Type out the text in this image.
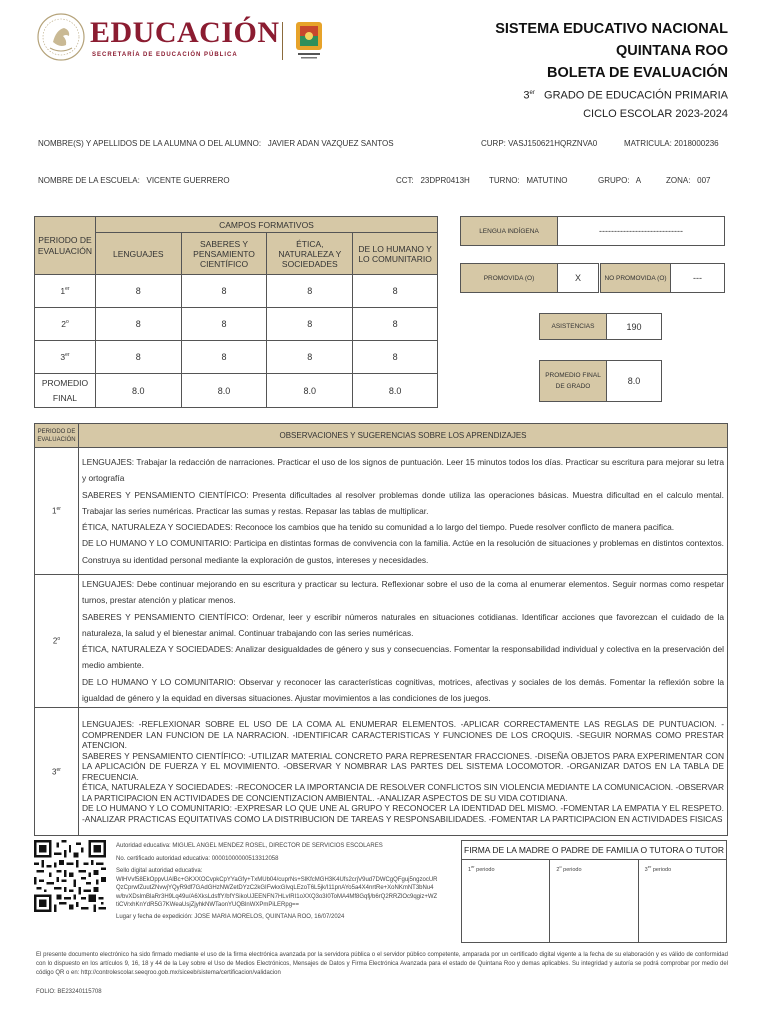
EDUCACIÓN
SECRETARÍA DE EDUCACIÓN PÚBLICA
SISTEMA EDUCATIVO NACIONAL
QUINTANA ROO
BOLETA DE EVALUACIÓN
3er GRADO DE EDUCACIÓN PRIMARIA
CICLO ESCOLAR 2023-2024
NOMBRE(S) Y APELLIDOS DE LA ALUMNA O DEL ALUMNO: JAVIER ADAN VAZQUEZ SANTOS	CURP: VASJ150621HQRZNVA0	MATRICULA: 2018000236
NOMBRE DE LA ESCUELA: VICENTE GUERRERO	CCT: 23DPR0413H TURNO: MATUTINO	GRUPO: A	ZONA: 007
PERIODO DE EVALUACIÓN	CAMPOS FORMATIVOS			
	LENGUAJES	SABERES Y PENSAMIENTO CIENTÍFICO	ÉTICA, NATURALEZA Y SOCIEDADES	DE LO HUMANO Y LO COMUNITARIO
1er	8	8	8	8
2$^o$	8	8	8	8
3er	8	8	8	8
PROMEDIO FINAL	8.0	8.0	8.0	8.0
LENGUA INDÍGENA	----------------------------
PROMOVIDA (O)	X	NO PROMOVIDA (O)	---
ASISTENCIAS	190
PROMEDIO FINAL DE GRADO
8.0
PERIODO DE EVALUACIÓN	OBSERVACIONES Y SUGERENCIAS SOBRE LOS APRENDIZAJES
1er	LENGUAJES: Trabajar la redacción de narraciones. Practicar el uso de los signos de puntuación. Leer 15 minutos todos los días. Practicar su escritura para mejorar su letra y ortografía
SABERES Y PENSAMIENTO CIENTÍFICO: Presenta dificultades al resolver problemas donde utiliza las operaciones básicas. Muestra dificultad en el calculo mental. Trabajar las series numéricas. Practicar las sumas y restas. Repasar las tablas de multiplicar.
ÉTICA, NATURALEZA Y SOCIEDADES: Reconoce los cambios que ha tenido su comunidad a lo largo del tiempo. Puede resolver conflicto de manera pacifica.
DE LO HUMANO Y LO COMUNITARIO: Participa en distintas formas de convivencia con la familia. Actúe en la resolución de situaciones y problemas en distintos contextos. Construya su identidad personal mediante la exploración de gustos, intereses y necesidades.

2$^o$	LENGUAJES: Debe continuar mejorando en su escritura y practicar su lectura. Reflexionar sobre el uso de la coma al enumerar elementos. Seguir normas como respetar turnos, prestar atención y platicar menos.
SABERES Y PENSAMIENTO CIENTÍFICO: Ordenar, leer y escribir números naturales en situaciones cotidianas. Identificar acciones que favorezcan el cuidado de la naturaleza, la salud y el bienestar animal. Continuar trabajando con las series numéricas.
ÉTICA, NATURALEZA Y SOCIEDADES: Analizar desigualdades de género y sus y consecuencias. Fomentar la responsabilidad individual y colectiva en la preservación del medio ambiente.
DE LO HUMANO Y LO COMUNITARIO: Observar y reconocer las características cognitivas, motrices, afectivas y sociales de los demás. Fomentar la reflexión sobre la igualdad de género y la equidad en diversas situaciones. Ajustar movimientos a las condiciones de los juegos.

3er	LENGUAJES: -REFLEXIONAR SOBRE EL USO DE LA COMA AL ENUMERAR ELEMENTOS. -APLICAR CORRECTAMENTE LAS REGLAS DE PUNTUACION. -COMPRENDER LAN FUNCION DE LA NARRACION. -IDENTIFICAR CARACTERISTICAS Y FUNCIONES DE LOS CROQUIS. -SEGUIR NORMAS COMO PRESTAR ATENCION.
SABERES Y PENSAMIENTO CIENTÍFICO: -UTILIZAR MATERIAL CONCRETO PARA REPRESENTAR FRACCIONES. -DISEÑA OBJETOS PARA EXPERIMENTAR CON LA APLICACIÓN DE FUERZA Y EL MOVIMIENTO. -OBSERVAR Y NOMBRAR LAS PARTES DEL SISTEMA LOCOMOTOR. -ORGANIZAR DATOS EN LA TABLA DE FRECUENCIA.
ÉTICA, NATURALEZA Y SOCIEDADES: -RECONOCER LA IMPORTANCIA DE RESOLVER CONFLICTOS SIN VIOLENCIA MEDIANTE LA COMUNICACION. -OBSERVAR LA PARTICIPACION EN ACTIVIDADES DE CONCIENTIZACION AMBIENTAL. -ANALIZAR ASPECTOS DE SU VIDA COTIDIANA.
DE LO HUMANO Y LO COMUNITARIO: -EXPRESAR LO QUE UNE AL GRUPO Y RECONOCER LA IDENTIDAD DEL MISMO. -FOMENTAR LA EMPATIA Y EL RESPETO. -ANALIZAR PRACTICAS EQUITATIVAS COMO LA DISTRIBUCION DE TAREAS Y RESPONSABILIDADES. -FOMENTAR LA PARTICIPACION EN ACTIVIDADES FISICAS
Autoridad educativa: MIGUEL ANGEL MENDEZ ROSEL, DIRECTOR DE SERVICIOS ESCOLARES
No. certificado autoridad educativa: 00001000000513312058
Sello digital autoridad educativa:
WlHVvf58EkOppvUAlBc+GKXXOCvpkCpYYaGfy+TxMUb04/cuprNs+SlKfcMGH3K4Ufs2crjV9ud7DWCgQFguj5ngzocURQzCprwfZuutZNvwjYQyR9df7GAdGHzNWZetDYzC2kGIFwkxGIvqLEzoT6L5jk/I11pnAYo5a4X4nrtRe+XoNKmNT3bNu4w/bvXDslmBlaRr3H9Lq49u/A6XksLdsffY/bfYSikoUJEENFN7HLvIRI1oXXQ3o3I0ToMA4Mf8Gqfj/b6rQ2RRZlOc9qgiz+WZtiCVrxhKnYdR5G7KWeaUsjZjyhkNWTaonYUQBlnWXPmPiLERpg==
Lugar y fecha de expedición: JOSE MARIA MORELOS, QUINTANA ROO, 16/07/2024
FIRMA DE LA MADRE O PADRE DE FAMILIA O TUTORA O TUTOR
1er periodo	2$^o$ periodo	3er periodo
El presente documento electrónico ha sido firmado mediante el uso de la firma electrónica avanzada por la servidora pública o el servidor público competente, amparada por un certificado digital vigente a la fecha de su elaboración y es válido de conformidad con lo dispuesto en los artículos 9, 16, 18 y 44 de la Ley sobre el Uso de Medios Electrónicos, Mensajes de Datos y Firma Electrónica Avanzada para el estado de Quintana Roo y demas aplicables. Su integridad y autoría se podrá comprobar por medio del código QR o en: http://controlescolar.seeqroo.gob.mx/siceeb/sistema/certificacion/validacion
FOLIO: BE23240115708
